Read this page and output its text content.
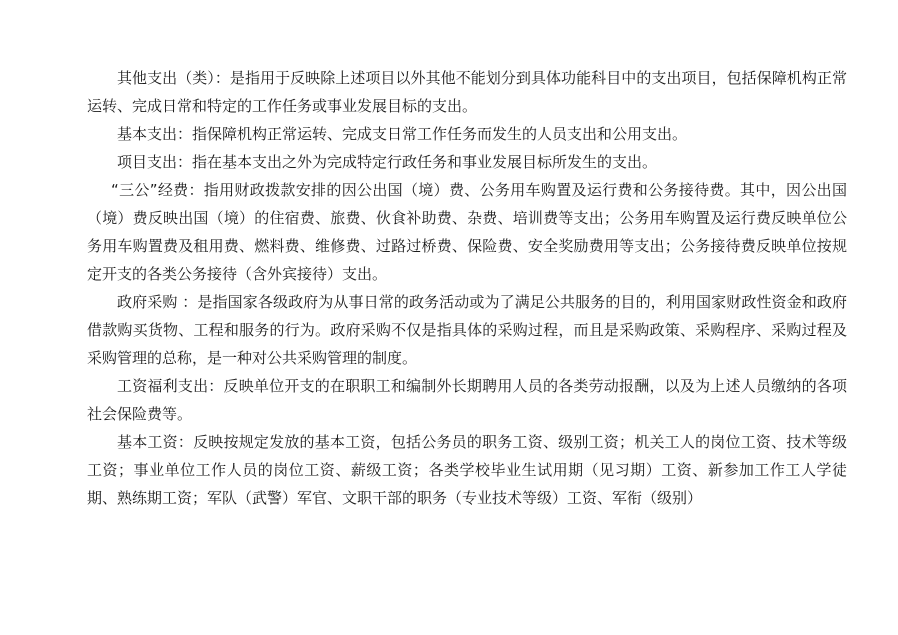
其他支出（类）：是指用于反映除上述项目以外其他不能划分到具体功能科目中的支出项目，包括保障机构正常运转、完成日常和特定的工作任务或事业发展目标的支出。

基本支出：指保障机构正常运转、完成支日常工作任务而发生的人员支出和公用支出。

项目支出：指在基本支出之外为完成特定行政任务和事业发展目标所发生的支出。

“三公”经费：指用财政拨款安排的因公出国（境）费、公务用车购置及运行费和公务接待费。其中，因公出国（境）费反映出国（境）的住宿费、旅费、伙食补助费、杂费、培训费等支出；公务用车购置及运行费反映单位公务用车购置费及租用费、燃料费、维修费、过路过桥费、保险费、安全奖励费用等支出；公务接待费反映单位按规定开支的各类公务接待（含外宾接待）支出。

政府采购 ：是指国家各级政府为从事日常的政务活动或为了满足公共服务的目的，利用国家财政性资金和政府借款购买货物、工程和服务的行为。政府采购不仅是指具体的采购过程，而且是采购政策、采购程序、采购过程及采购管理的总称，是一种对公共采购管理的制度。

工资福利支出：反映单位开支的在职职工和编制外长期聘用人员的各类劳动报酬，以及为上述人员缴纳的各项社会保险费等。

基本工资：反映按规定发放的基本工资，包括公务员的职务工资、级别工资；机关工人的岗位工资、技术等级工资；事业单位工作人员的岗位工资、薪级工资；各类学校毕业生试用期（见习期）工资、新参加工作工人学徒期、熟练期工资；军队（武警）军官、文职干部的职务（专业技术等级）工资、军衔（级别）
